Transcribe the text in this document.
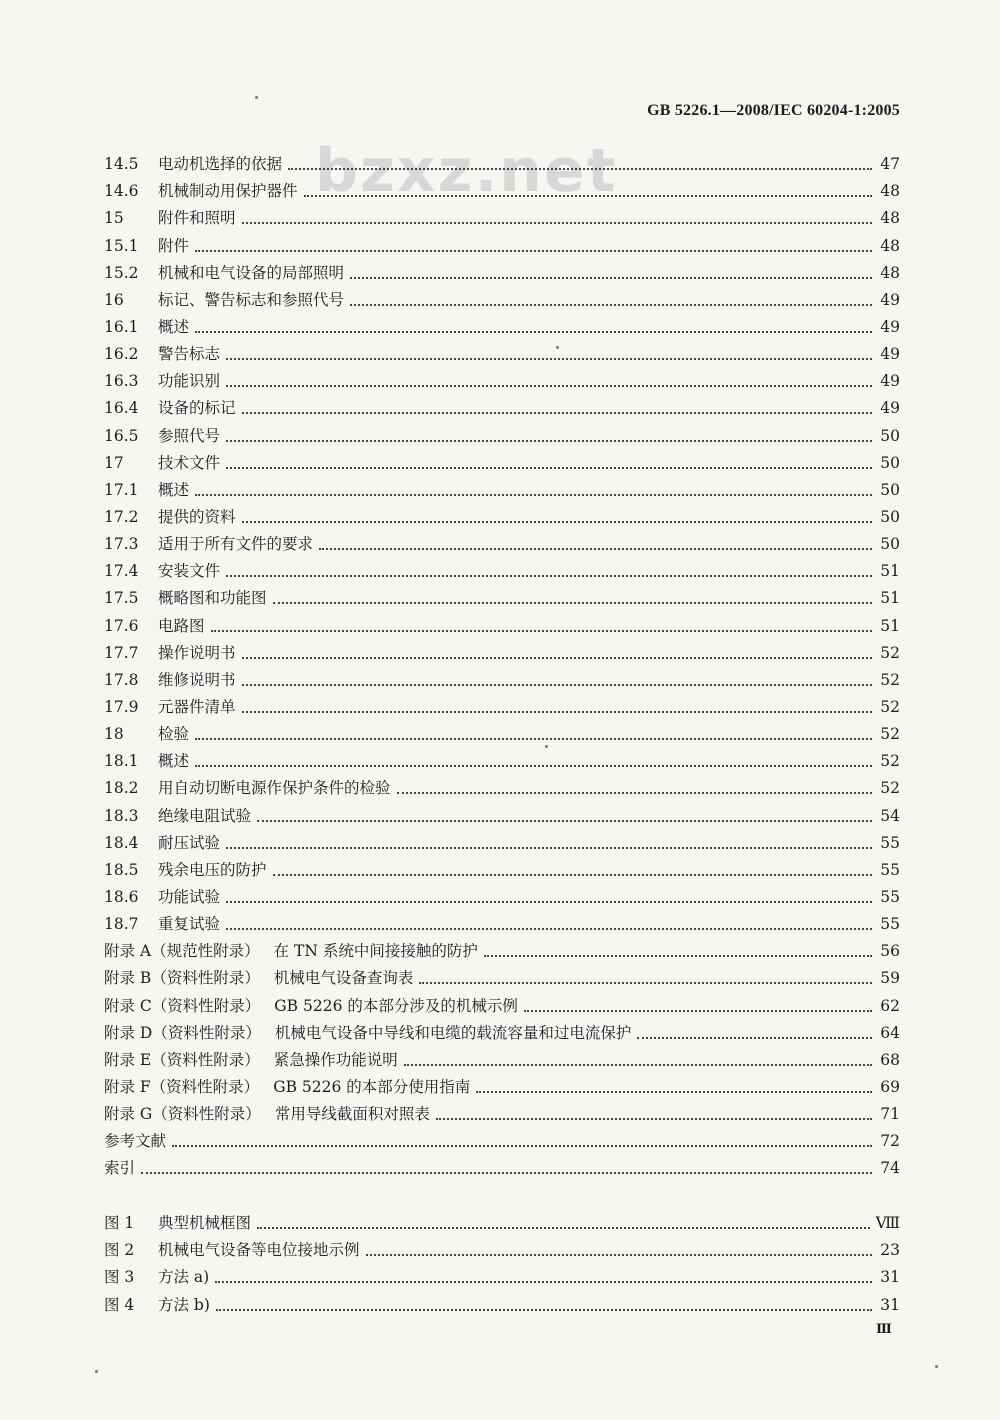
GB 5226.1—2008/IEC 60204-1:2005
bzxz.net
14.5	电动机选择的依据	47
14.6	机械制动用保护器件	48
15	附件和照明	48
15.1	附件	48
15.2	机械和电气设备的局部照明	48
16	标记、警告标志和参照代号	49
16.1	概述	49
16.2	警告标志	49
16.3	功能识别	49
16.4	设备的标记	49
16.5	参照代号	50
17	技术文件	50
17.1	概述	50
17.2	提供的资料	50
17.3	适用于所有文件的要求	50
17.4	安装文件	51
17.5	概略图和功能图	51
17.6	电路图	51
17.7	操作说明书	52
17.8	维修说明书	52
17.9	元器件清单	52
18	检验	52
18.1	概述	52
18.2	用自动切断电源作保护条件的检验	52
18.3	绝缘电阻试验	54
18.4	耐压试验	55
18.5	残余电压的防护	55
18.6	功能试验	55
18.7	重复试验	55
附录 A（规范性附录） 在 TN 系统中间接接触的防护	56
附录 B（资料性附录） 机械电气设备查询表	59
附录 C（资料性附录） GB 5226 的本部分涉及的机械示例	62
附录 D（资料性附录） 机械电气设备中导线和电缆的载流容量和过电流保护	64
附录 E（资料性附录） 紧急操作功能说明	68
附录 F（资料性附录） GB 5226 的本部分使用指南	69
附录 G（资料性附录） 常用导线截面积对照表	71
参考文献	72
索引	74
图 1	典型机械框图	Ⅷ
图 2	机械电气设备等电位接地示例	23
图 3	方法 a)	31
图 4	方法 b)	31
Ⅲ
